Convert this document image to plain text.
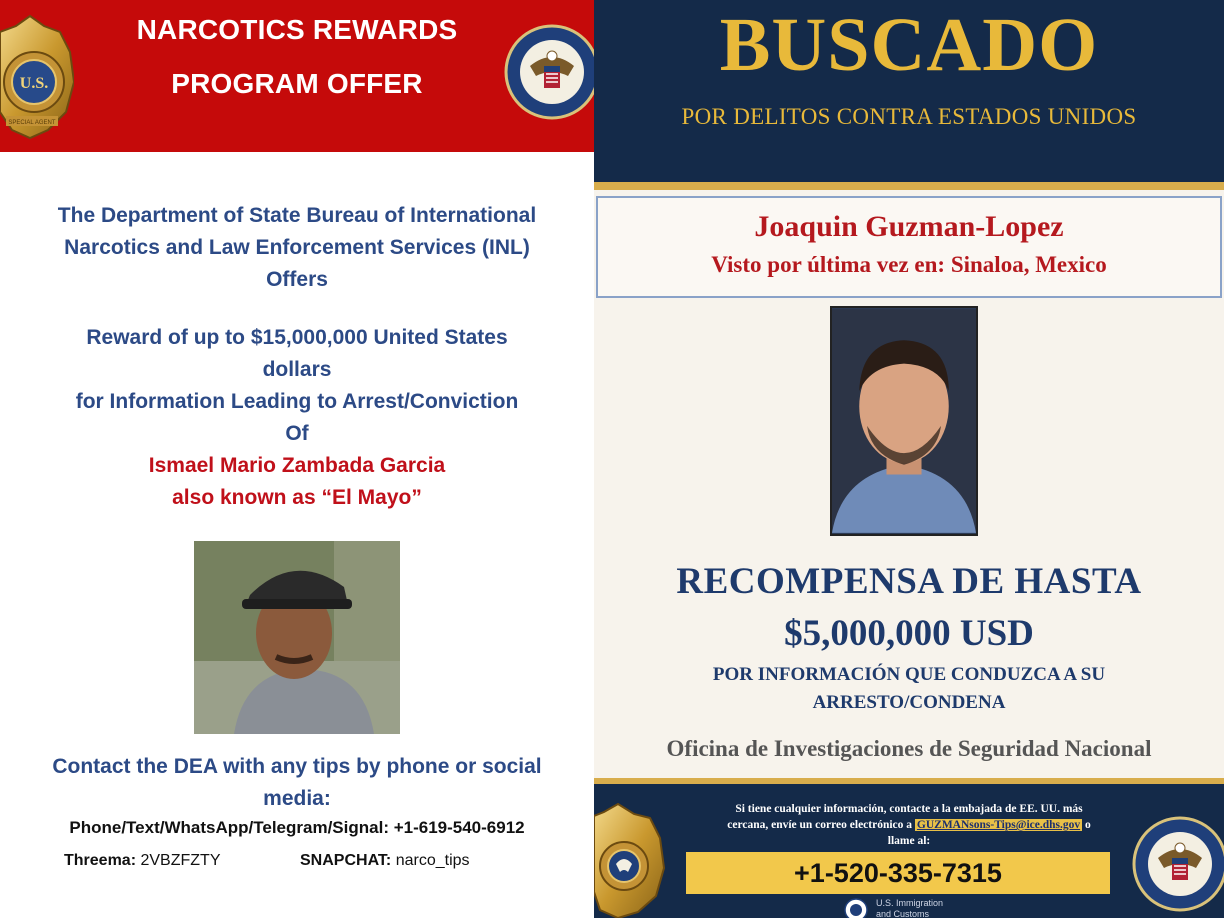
U.S.
SPECIAL AGENT
NARCOTICS REWARDS
PROGRAM OFFER
The Department of State Bureau of International
Narcotics and Law Enforcement Services (INL)
Offers
Reward of up to $15,000,000 United States
dollars
for Information Leading to Arrest/Conviction
Of
Ismael Mario Zambada Garcia
also known as “El Mayo”
Contact the DEA with any tips by phone or social
media:
Phone/Text/WhatsApp/Telegram/Signal: +1-619-540-6912
Threema: 2VBZFZTY	SNAPCHAT: narco_tips
BUSCADO
POR DELITOS CONTRA ESTADOS UNIDOS
Joaquin Guzman-Lopez
Visto por última vez en: Sinaloa, Mexico
RECOMPENSA DE HASTA
$5,000,000 USD
POR INFORMACIÓN QUE CONDUZCA A SU
ARRESTO/CONDENA
Oficina de Investigaciones de Seguridad Nacional
Si tiene cualquier información, contacte a la embajada de EE. UU. más
cercana, envíe un correo electrónico a GUZMANsons-Tips@ice.dhs.gov o
llame al:
+1-520-335-7315
U.S. Immigration
and Customs
